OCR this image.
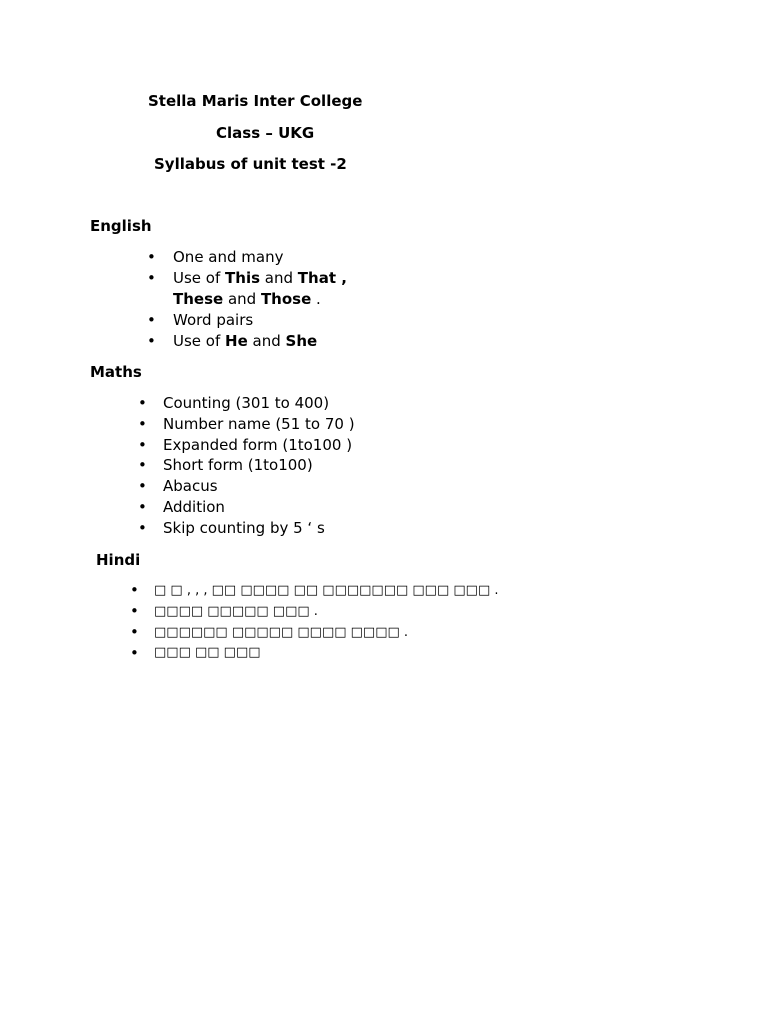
Stella Maris Inter College
Class – UKG
Syllabus of unit test -2
English
• One and many
• Use of This and That ,
These and Those .
• Word pairs
• Use of He and She
Maths
• Counting (301 to 400)
• Number name (51 to 70 )
• Expanded form (1to100 )
• Short form (1to100)
• Abacus
• Addition
• Skip counting by 5 ‘ s
Hindi
• □ □ , , , □□ □□□□ □□ □□□□□□□ □□□ □□□ .
• □□□□ □□□□□ □□□ .
• □□□□□□ □□□□□ □□□□ □□□□ .
• □□□ □□ □□□
